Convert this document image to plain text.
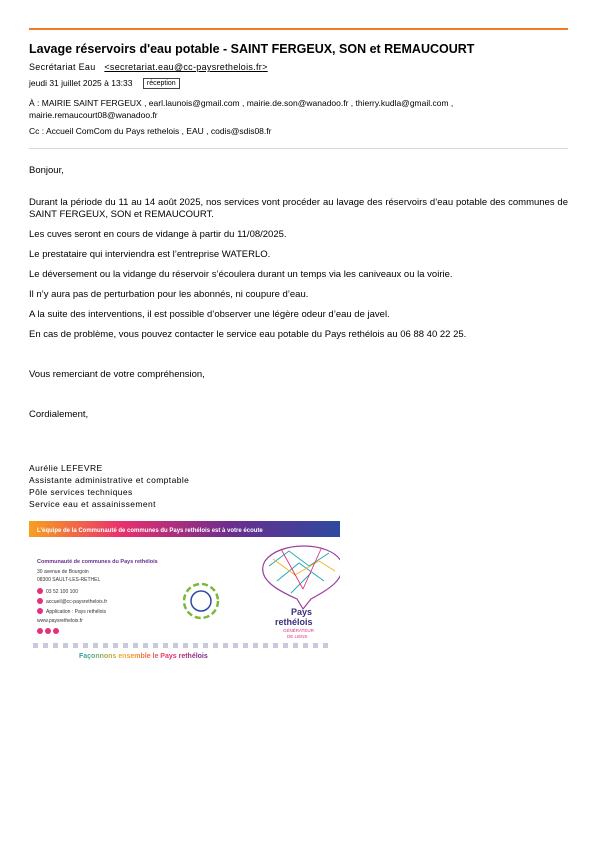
Lavage réservoirs d'eau potable - SAINT FERGEUX, SON et REMAUCOURT
Secrétariat Eau <secretariat.eau@cc-paysrethelois.fr>
jeudi 31 juillet 2025 à 13:33 réception
À : MAIRIE SAINT FERGEUX , earl.launois@gmail.com , mairie.de.son@wanadoo.fr , thierry.kudla@gmail.com ,
mairie.remaucourt08@wanadoo.fr
Cc : Accueil ComCom du Pays rethelois , EAU , codis@sdis08.fr

Bonjour,

Durant la période du 11 au 14 août 2025, nos services vont procéder au lavage des réservoirs d’eau potable des communes de SAINT FERGEUX, SON et REMAUCOURT.

Les cuves seront en cours de vidange à partir du 11/08/2025.

Le prestataire qui interviendra est l’entreprise WATERLO.

Le déversement ou la vidange du réservoir s’écoulera durant un temps via les caniveaux ou la voirie.

Il n’y aura pas de perturbation pour les abonnés, ni coupure d’eau.

A la suite des interventions, il est possible d’observer une légère odeur d’eau de javel.

En cas de problème, vous pouvez contacter le service eau potable du Pays rethélois au 06 88 40 22 25.

Vous remerciant de votre compréhension,

Cordialement,

Aurélie LEFEVRE
Assistante administrative et comptable
Pôle services techniques
Service eau et assainissement
L’équipe de la Communauté de communes du Pays rethélois est à votre écoute
Communauté de communes du Pays rethélois
30 avenue de Bourgoin
08300 SAULT-LES-RETHEL
03 52 100 100
accueil@cc-paysrethelois.fr
Application : Pays rethélois
www.paysrethelois.fr
Pays
rethélois
GÉNÉRATEUR
DE LIENS
Façonnons ensemble le Pays rethélois
